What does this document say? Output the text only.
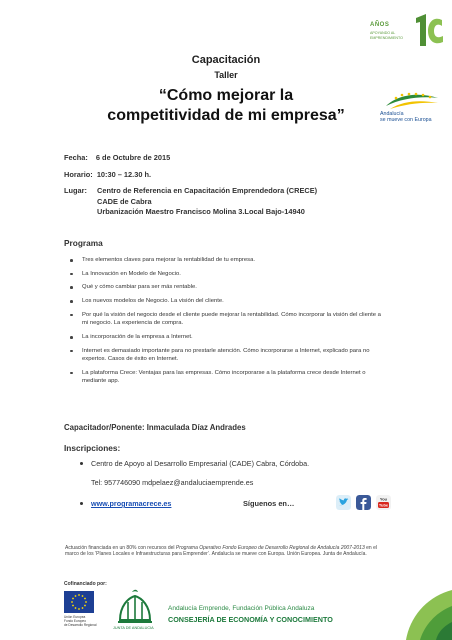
AÑOS
APOYANDO AL EMPRENDIMIENTO
Capacitación
Taller
“Cómo mejorar la
competitividad de mi empresa”	Andalucía
se mueve con Europa
Fecha: 6 de Octubre de 2015
Horario: 10:30 – 12.30 h.
Lugar: Centro de Referencia en Capacitación Emprendedora (CRECE)
CADE de Cabra
Urbanización Maestro Francisco Molina 3.Local Bajo-14940
Programa
Tres elementos claves para mejorar la rentabilidad de tu empresa.
La Innovación en Modelo de Negocio.
Qué y cómo cambiar para ser más rentable.
Los nuevos modelos de Negocio. La visión del cliente.
Por qué la visión del negocio desde el cliente puede mejorar la rentabilidad. Cómo incorporar la visión del cliente a mi negocio. La experiencia de compra.
La incorporación de la empresa a Internet.
Internet es demasiado importante para no prestarle atención. Cómo incorporarse a Internet, explicado para no expertos. Casos de éxito en Internet.
La plataforma Crece: Ventajas para las empresas. Cómo incorporarse a la plataforma crece desde Internet o mediante app.
Capacitador/Ponente: Inmaculada Díaz Andrades
Inscripciones:
Centro de Apoyo al Desarrollo Empresarial (CADE) Cabra, Córdoba.
Tel: 957746090 mdpelaez@andaluciaemprende.es
www.programacrece.es	Síguenos en…	You
Tube
Actuación financiada en un 80% con recursos del Programa Operativo Fondo Europeo de Desarrollo Regional de Andalucía 2007-2013 en el marco de los ‘Planes Locales e Infraestructuras para Emprender’. Andalucía se mueve con Europa. Unión Europea. Junta de Andalucía.
Cofinanciado por:
Unión Europea
Fondo Europeo
de Desarrollo Regional
JUNTA DE ANDALUCIA
Andalucía Emprende, Fundación Pública Andaluza
CONSEJERÍA DE ECONOMÍA Y CONOCIMIENTO
